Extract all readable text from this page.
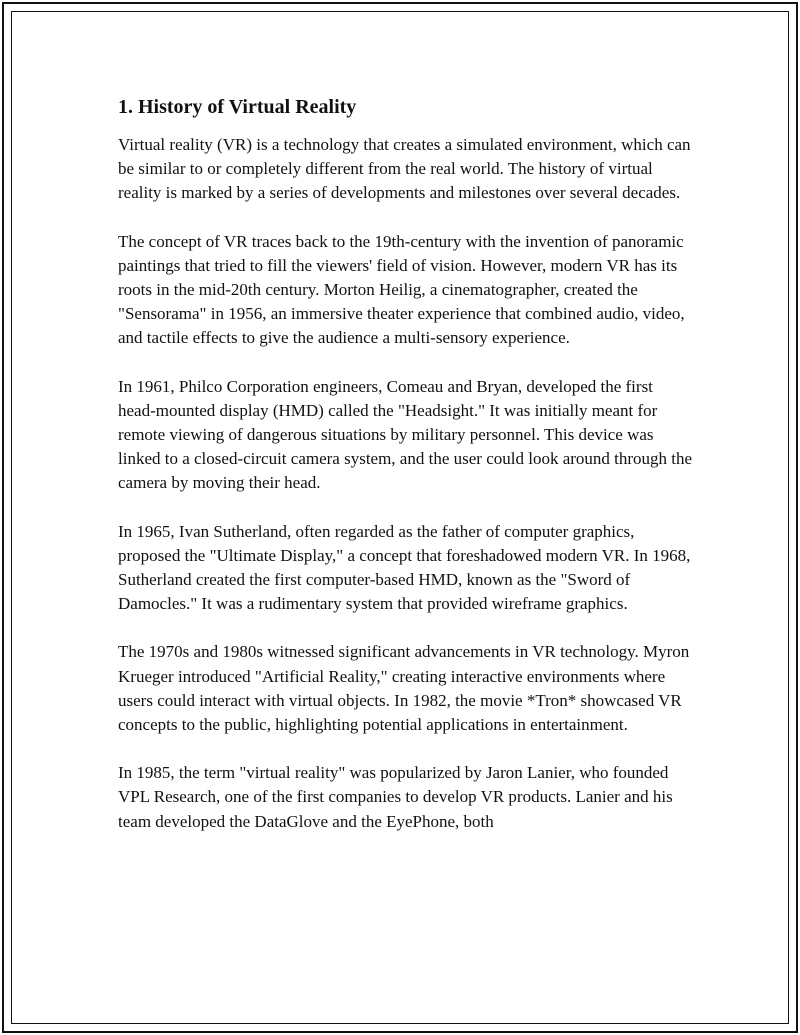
1. History of Virtual Reality

Virtual reality (VR) is a technology that creates a simulated environment, which can be similar to or completely different from the real world. The history of virtual reality is marked by a series of developments and milestones over several decades.

The concept of VR traces back to the 19th-century with the invention of panoramic paintings that tried to fill the viewers' field of vision. However, modern VR has its roots in the mid-20th century. Morton Heilig, a cinematographer, created the "Sensorama" in 1956, an immersive theater experience that combined audio, video, and tactile effects to give the audience a multi-sensory experience.

In 1961, Philco Corporation engineers, Comeau and Bryan, developed the first head-mounted display (HMD) called the "Headsight." It was initially meant for remote viewing of dangerous situations by military personnel. This device was linked to a closed-circuit camera system, and the user could look around through the camera by moving their head.

In 1965, Ivan Sutherland, often regarded as the father of computer graphics, proposed the "Ultimate Display," a concept that foreshadowed modern VR. In 1968, Sutherland created the first computer-based HMD, known as the "Sword of Damocles." It was a rudimentary system that provided wireframe graphics.

The 1970s and 1980s witnessed significant advancements in VR technology. Myron Krueger introduced "Artificial Reality," creating interactive environments where users could interact with virtual objects. In 1982, the movie *Tron* showcased VR concepts to the public, highlighting potential applications in entertainment.

In 1985, the term "virtual reality" was popularized by Jaron Lanier, who founded VPL Research, one of the first companies to develop VR products. Lanier and his team developed the DataGlove and the EyePhone, both
